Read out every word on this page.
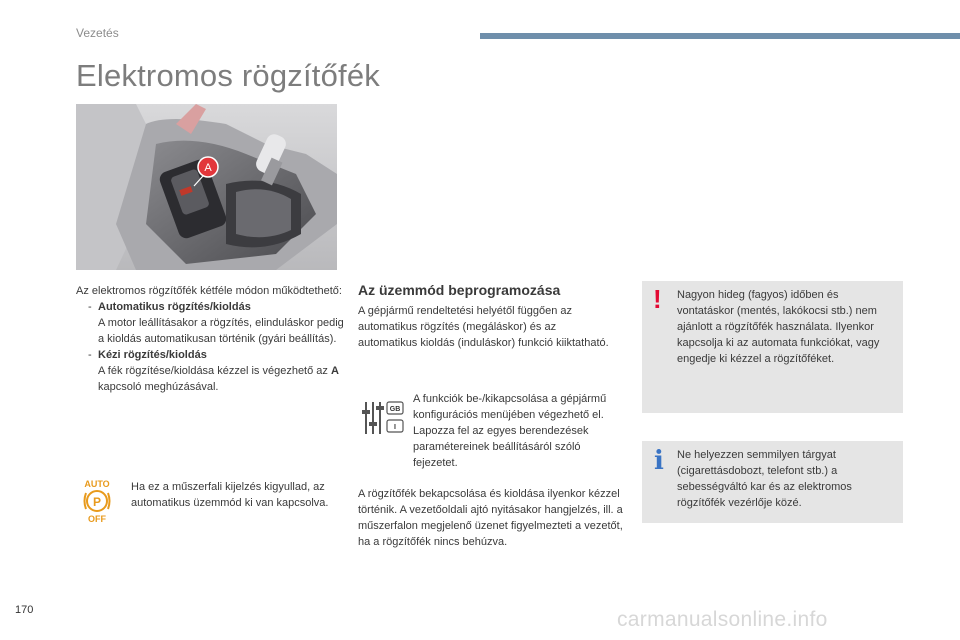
Vezetés
Elektromos rögzítőfék
A
Az elektromos rögzítőfék kétféle módon működtethető:
- Automatikus rögzítés/kioldás
A motor leállításakor a rögzítés, elinduláskor pedig a kioldás automatikusan történik (gyári beállítás).
- Kézi rögzítés/kioldás
A fék rögzítése/kioldása kézzel is végezhető az A kapcsoló meghúzásával.
AUTO
P
OFF
Ha ez a műszerfali kijelzés kigyullad, az automatikus üzemmód ki van kapcsolva.
Az üzemmód beprogramozása
A gépjármű rendeltetési helyétől függően az automatikus rögzítés (megáláskor) és az automatikus kioldás (induláskor) funkció kiiktatható.
GB
I
A funkciók be-/kikapcsolása a gépjármű konfigurációs menüjében végezhető el. Lapozza fel az egyes berendezések paramétereinek beállításáról szóló fejezetet.
A rögzítőfék bekapcsolása és kioldása ilyenkor kézzel történik. A vezetőoldali ajtó nyitásakor hangjelzés, ill. a műszerfalon megjelenő üzenet figyelmezteti a vezetőt, ha a rögzítőfék nincs behúzva.
! Nagyon hideg (fagyos) időben és vontatáskor (mentés, lakókocsi stb.) nem ajánlott a rögzítőfék használata. Ilyenkor kapcsolja ki az automata funkciókat, vagy engedje ki kézzel a rögzítőféket.
i Ne helyezzen semmilyen tárgyat (cigarettásdobozt, telefont stb.) a sebességváltó kar és az elektromos rögzítőfék vezérlője közé.
170	carmanualsonline.info
